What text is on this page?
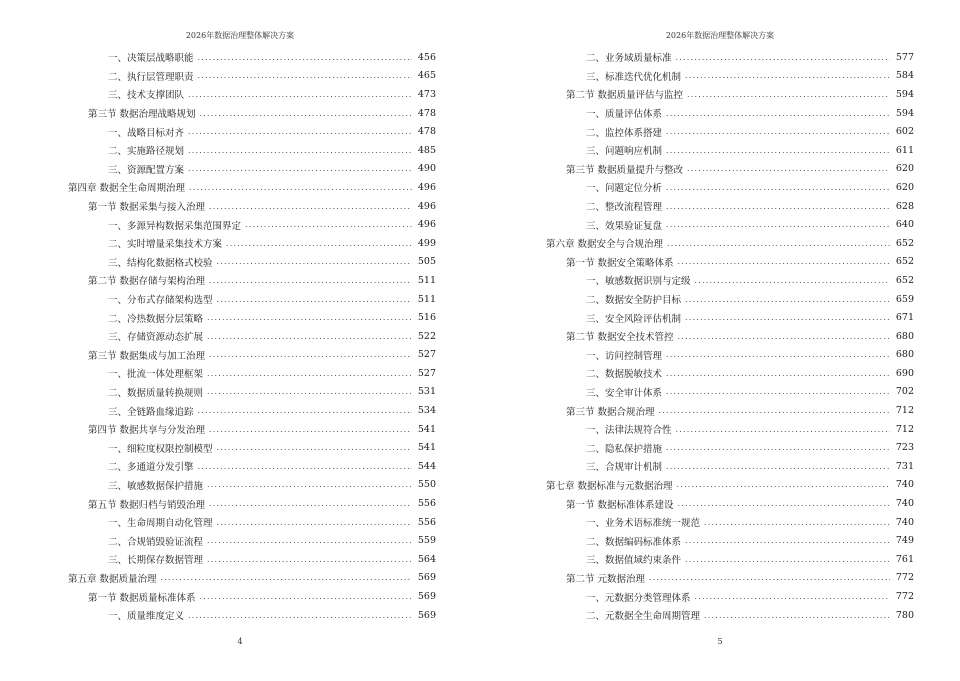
2026年数据治理整体解决方案
一、决策层战略职能 .....	456
二、执行层管理职责 .....	465
三、技术支撑团队 .....	473
第三节 数据治理战略规划 .....	478
一、战略目标对齐 .....	478
二、实施路径规划 .....	485
三、资源配置方案 .....	490
第四章 数据全生命周期治理 .....	496
第一节 数据采集与接入治理 .....	496
一、多源异构数据采集范围界定 .....	496
二、实时增量采集技术方案 .....	499
三、结构化数据格式校验 .....	505
第二节 数据存储与架构治理 .....	511
一、分布式存储架构选型 .....	511
二、冷热数据分层策略 .....	516
三、存储资源动态扩展 .....	522
第三节 数据集成与加工治理 .....	527
一、批流一体处理框架 .....	527
二、数据质量转换规则 .....	531
三、全链路血缘追踪 .....	534
第四节 数据共享与分发治理 .....	541
一、细粒度权限控制模型 .....	541
二、多通道分发引擎 .....	544
三、敏感数据保护措施 .....	550
第五节 数据归档与销毁治理 .....	556
一、生命周期自动化管理 .....	556
二、合规销毁验证流程 .....	559
三、长期保存数据管理 .....	564
第五章 数据质量治理 .....	569
第一节 数据质量标准体系 .....	569
一、质量维度定义 .....	569
4
2026年数据治理整体解决方案
二、业务域质量标准 .....	577
三、标准迭代优化机制 .....	584
第二节 数据质量评估与监控 .....	594
一、质量评估体系 .....	594
二、监控体系搭建 .....	602
三、问题响应机制 .....	611
第三节 数据质量提升与整改 .....	620
一、问题定位分析 .....	620
二、整改流程管理 .....	628
三、效果验证复盘 .....	640
第六章 数据安全与合规治理 .....	652
第一节 数据安全策略体系 .....	652
一、敏感数据识别与定级 .....	652
二、数据安全防护目标 .....	659
三、安全风险评估机制 .....	671
第二节 数据安全技术管控 .....	680
一、访问控制管理 .....	680
二、数据脱敏技术 .....	690
三、安全审计体系 .....	702
第三节 数据合规治理 .....	712
一、法律法规符合性 .....	712
二、隐私保护措施 .....	723
三、合规审计机制 .....	731
第七章 数据标准与元数据治理 .....	740
第一节 数据标准体系建设 .....	740
一、业务术语标准统一规范 .....	740
二、数据编码标准体系 .....	749
三、数据值域约束条件 .....	761
第二节 元数据治理 .....	772
一、元数据分类管理体系 .....	772
二、元数据全生命周期管理 .....	780
5
